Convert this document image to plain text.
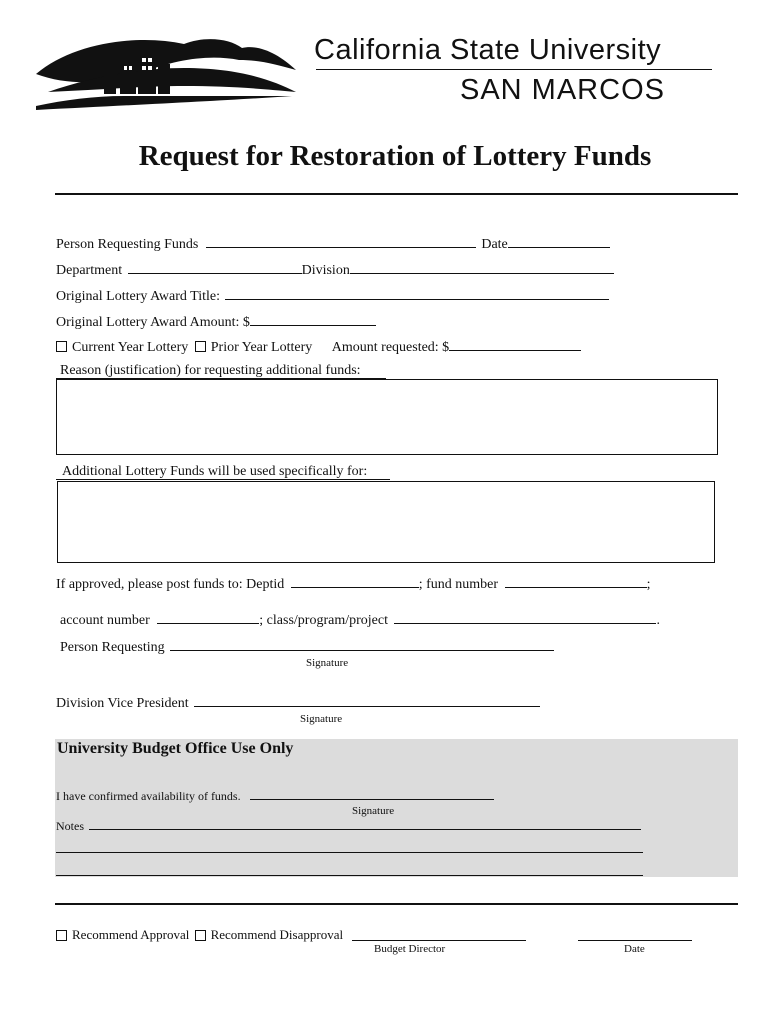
California State University
SAN MARCOS
Request for Restoration of Lottery Funds
Person Requesting Funds	Date
Department	Division
Original Lottery Award Title:
Original Lottery Award Amount: $
Current Year Lottery Prior Year Lottery Amount requested: $
Reason (justification) for requesting additional funds:
Additional Lottery Funds will be used specifically for:
If approved, please post funds to: Deptid	; fund number	;
account number	; class/program/project	.
Person Requesting
Signature
Division Vice President
Signature
University Budget Office Use Only
I have confirmed availability of funds.
Signature
Notes
Recommend Approval Recommend Disapproval
Budget Director	Date
